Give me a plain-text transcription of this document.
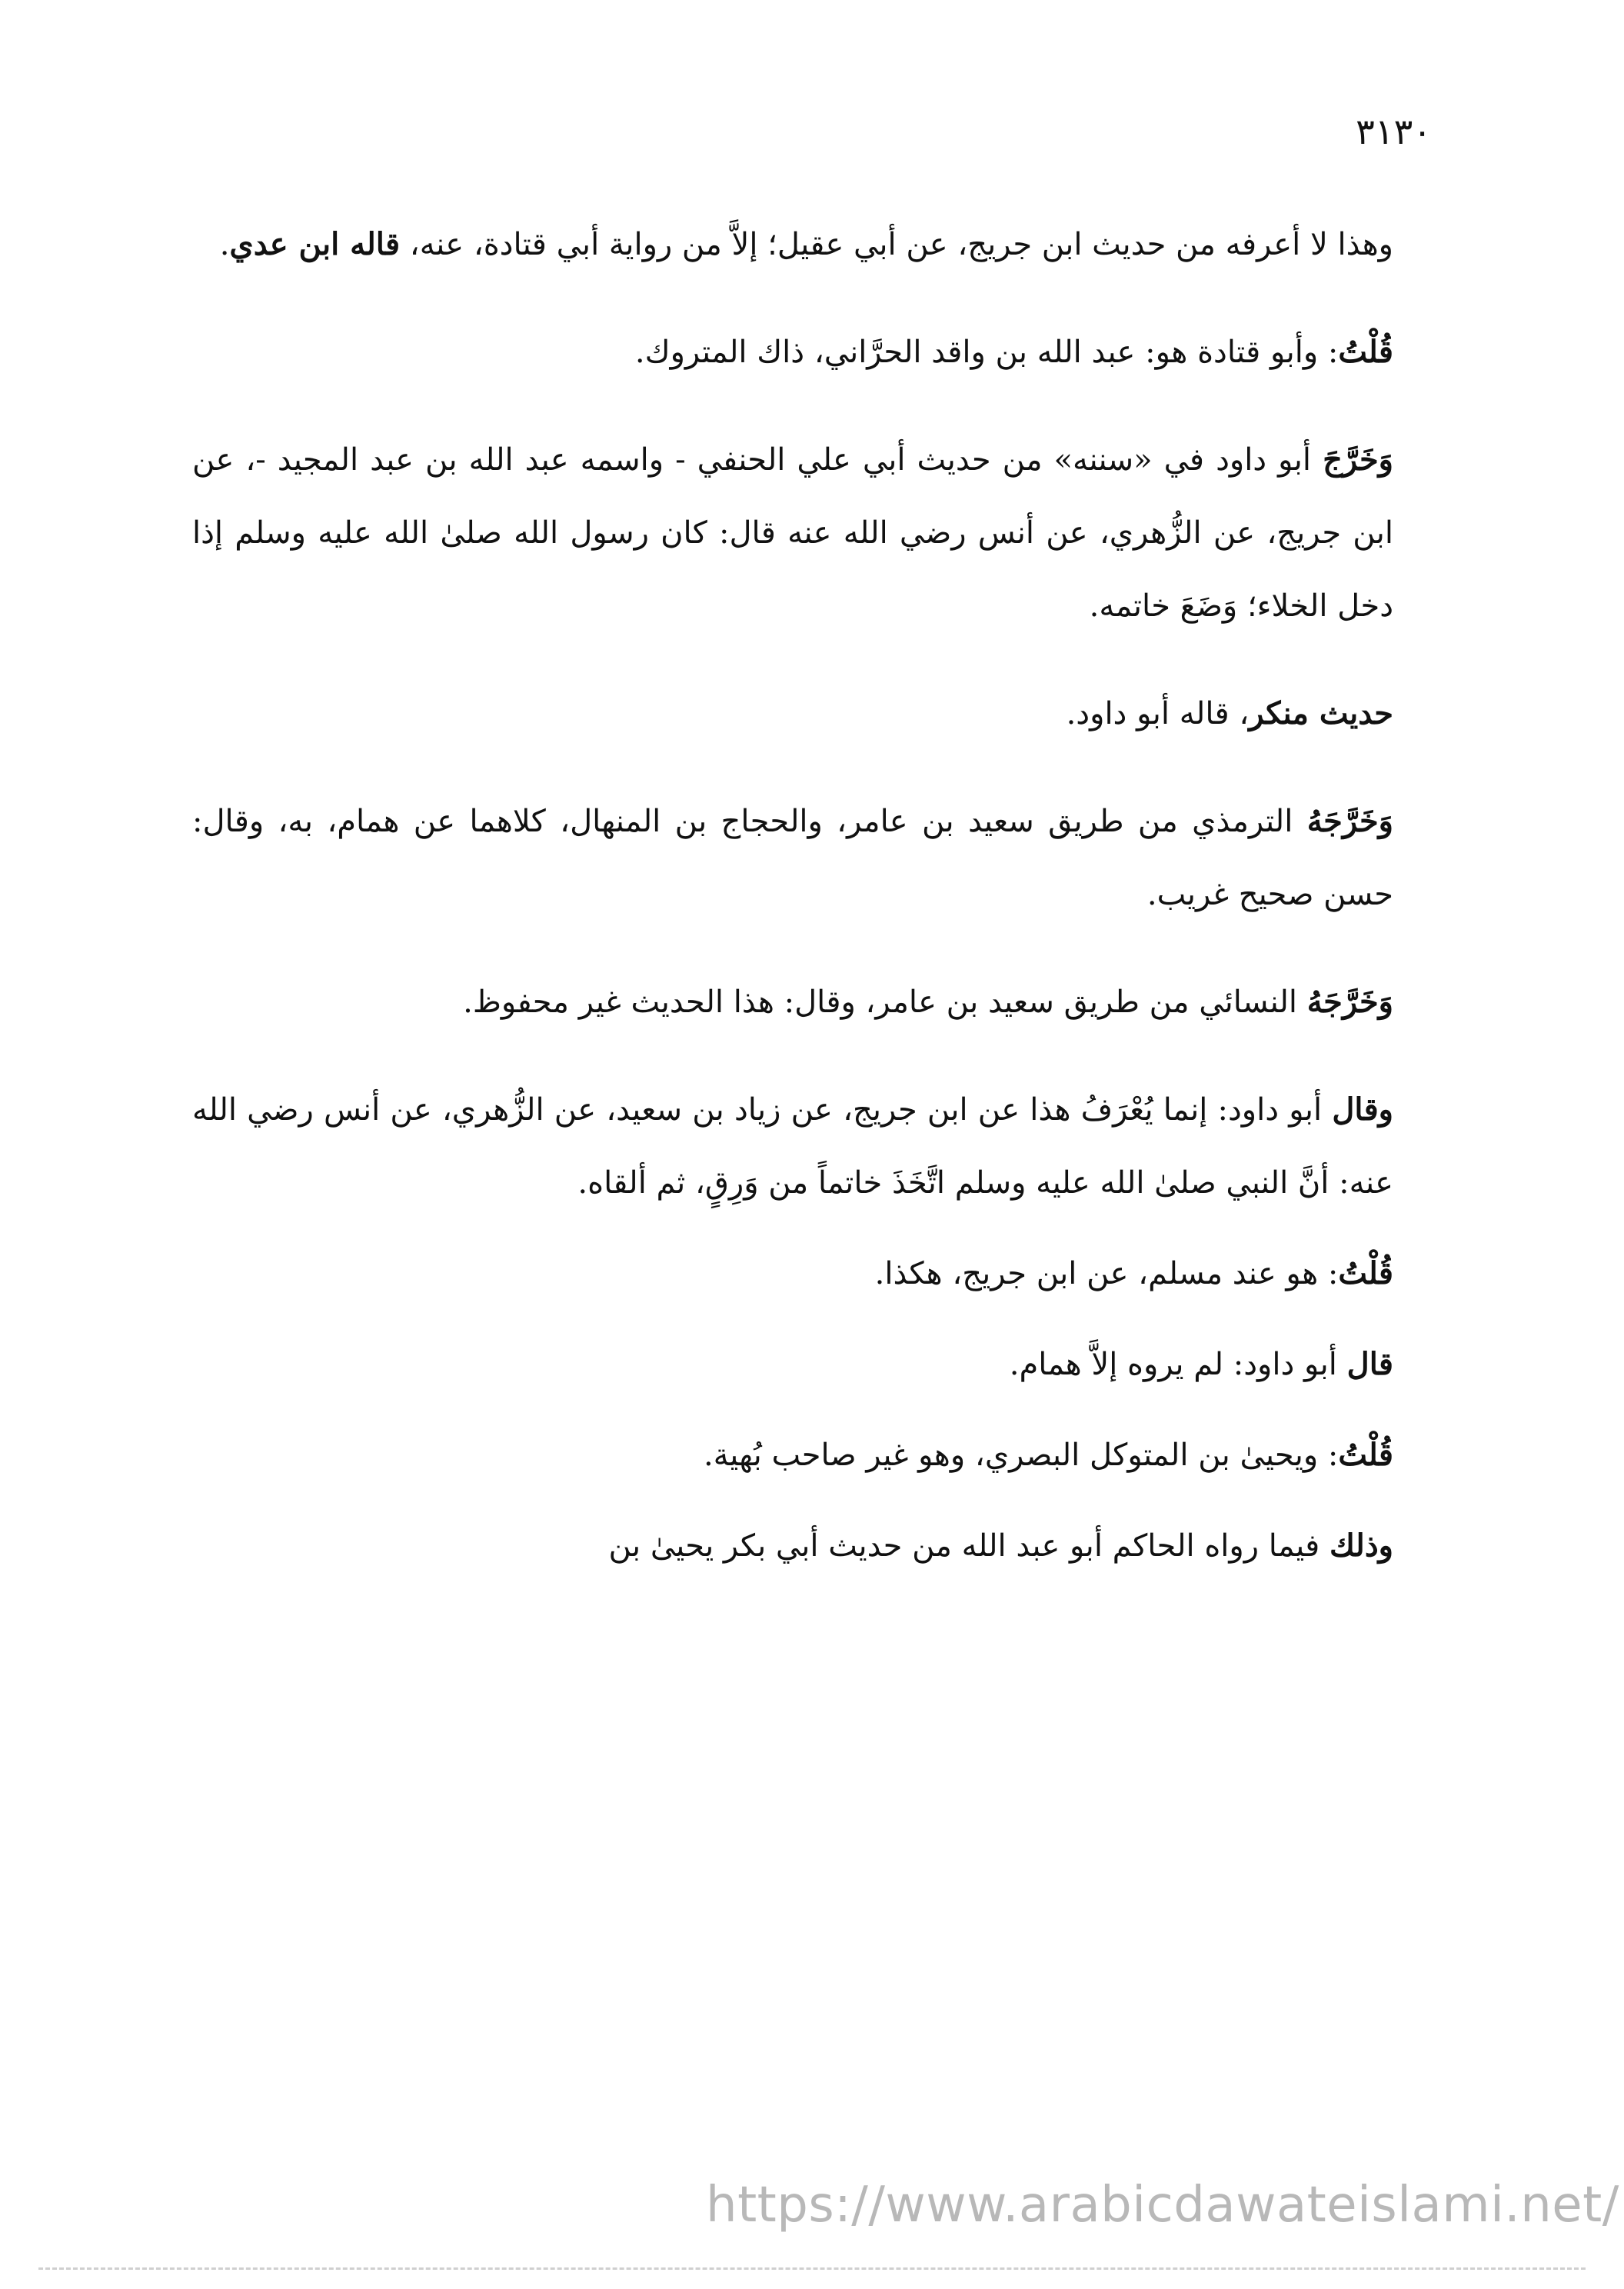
٣١٣٠

وهذا لا أعرفه من حديث ابن جريج، عن أبي عقيل؛ إلاَّ من رواية أبي قتادة، عنه، قاله ابن عدي.

قُلْتُ: وأبو قتادة هو: عبد الله بن واقد الحرَّاني، ذاك المتروك.

وَخَرَّجَ أبو داود في «سننه» من حديث أبي علي الحنفي - واسمه عبد الله بن عبد المجيد -، عن ابن جريج، عن الزُّهري، عن أنس رضي الله عنه قال: كان رسول الله صلىٰ الله عليه وسلم إذا دخل الخلاء؛ وَضَعَ خاتمه.

حديث منكر، قاله أبو داود.

وَخَرَّجَهُ الترمذي من طريق سعيد بن عامر، والحجاج بن المنهال، كلاهما عن همام، به، وقال: حسن صحيح غريب.

وَخَرَّجَهُ النسائي من طريق سعيد بن عامر، وقال: هذا الحديث غير محفوظ.

وقال أبو داود: إنما يُعْرَفُ هذا عن ابن جريج، عن زياد بن سعيد، عن الزُّهري، عن أنس رضي الله عنه: أنَّ النبي صلىٰ الله عليه وسلم اتَّخَذَ خاتماً من وَرِقٍ، ثم ألقاه.

قُلْتُ: هو عند مسلم، عن ابن جريج، هكذا.

قال أبو داود: لم يروه إلاَّ همام.

قُلْتُ: ويحيىٰ بن المتوكل البصري، وهو غير صاحب بُهية.

وذلك فيما رواه الحاكم أبو عبد الله من حديث أبي بكر يحيىٰ بن

https://www.arabicdawateislami.net/
